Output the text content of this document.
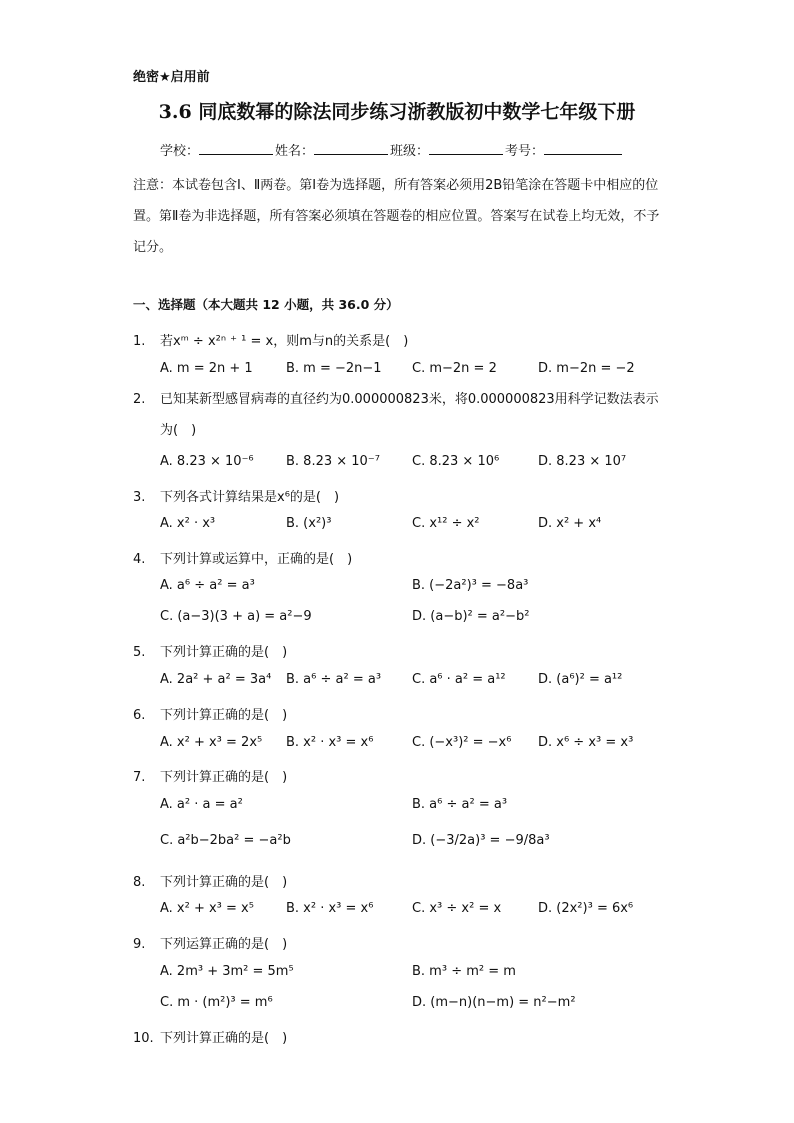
绝密★启用前
3.6 同底数幂的除法同步练习浙教版初中数学七年级下册
学校：	姓名：	班级：	考号：
注意：本试卷包含Ⅰ、Ⅱ两卷。第Ⅰ卷为选择题，所有答案必须用2B铅笔涂在答题卡中相应的位置。第Ⅱ卷为非选择题，所有答案必须填在答题卷的相应位置。答案写在试卷上均无效，不予记分。
一、选择题（本大题共 12 小题，共 36.0 分）
1. 若xᵐ ÷ x²ⁿ ⁺ ¹ = x，则m与n的关系是(　)
A. m = 2n + 1	B. m = −2n−1 C. m−2n = 2	D. m−2n = −2
2. 已知某新型感冒病毒的直径约为0.000000823米，将0.000000823用科学记数法表示为(　)
A. 8.23 × 10⁻⁶ B. 8.23 × 10⁻⁷ C. 8.23 × 10⁶	D. 8.23 × 10⁷
3. 下列各式计算结果是x⁶的是(　)
A. x² · x³	B. (x²)³	C. x¹² ÷ x²	D. x² + x⁴
4. 下列计算或运算中，正确的是(　)
A. a⁶ ÷ a² = a³	B. (−2a²)³ = −8a³
C. (a−3)(3 + a) = a²−9	D. (a−b)² = a²−b²
5. 下列计算正确的是(　)
A. 2a² + a² = 3a⁴ B. a⁶ ÷ a² = a³ C. a⁶ · a² = a¹² D. (a⁶)² = a¹²
6. 下列计算正确的是(　)
A. x² + x³ = 2x⁵ B. x² · x³ = x⁶	C. (−x³)² = −x⁶ D. x⁶ ÷ x³ = x³
7. 下列计算正确的是(　)
A. a² · a = a²	B. a⁶ ÷ a² = a³
C. a²b−2ba² = −a²b	D. (−3/2a)³ = −9/8a³
8. 下列计算正确的是(　)
A. x² + x³ = x⁵ B. x² · x³ = x⁶	C. x³ ÷ x² = x	D. (2x²)³ = 6x⁶
9. 下列运算正确的是(　)
A. 2m³ + 3m² = 5m⁵	B. m³ ÷ m² = m
C. m · (m²)³ = m⁶	D. (m−n)(n−m) = n²−m²
10. 下列计算正确的是(　)
